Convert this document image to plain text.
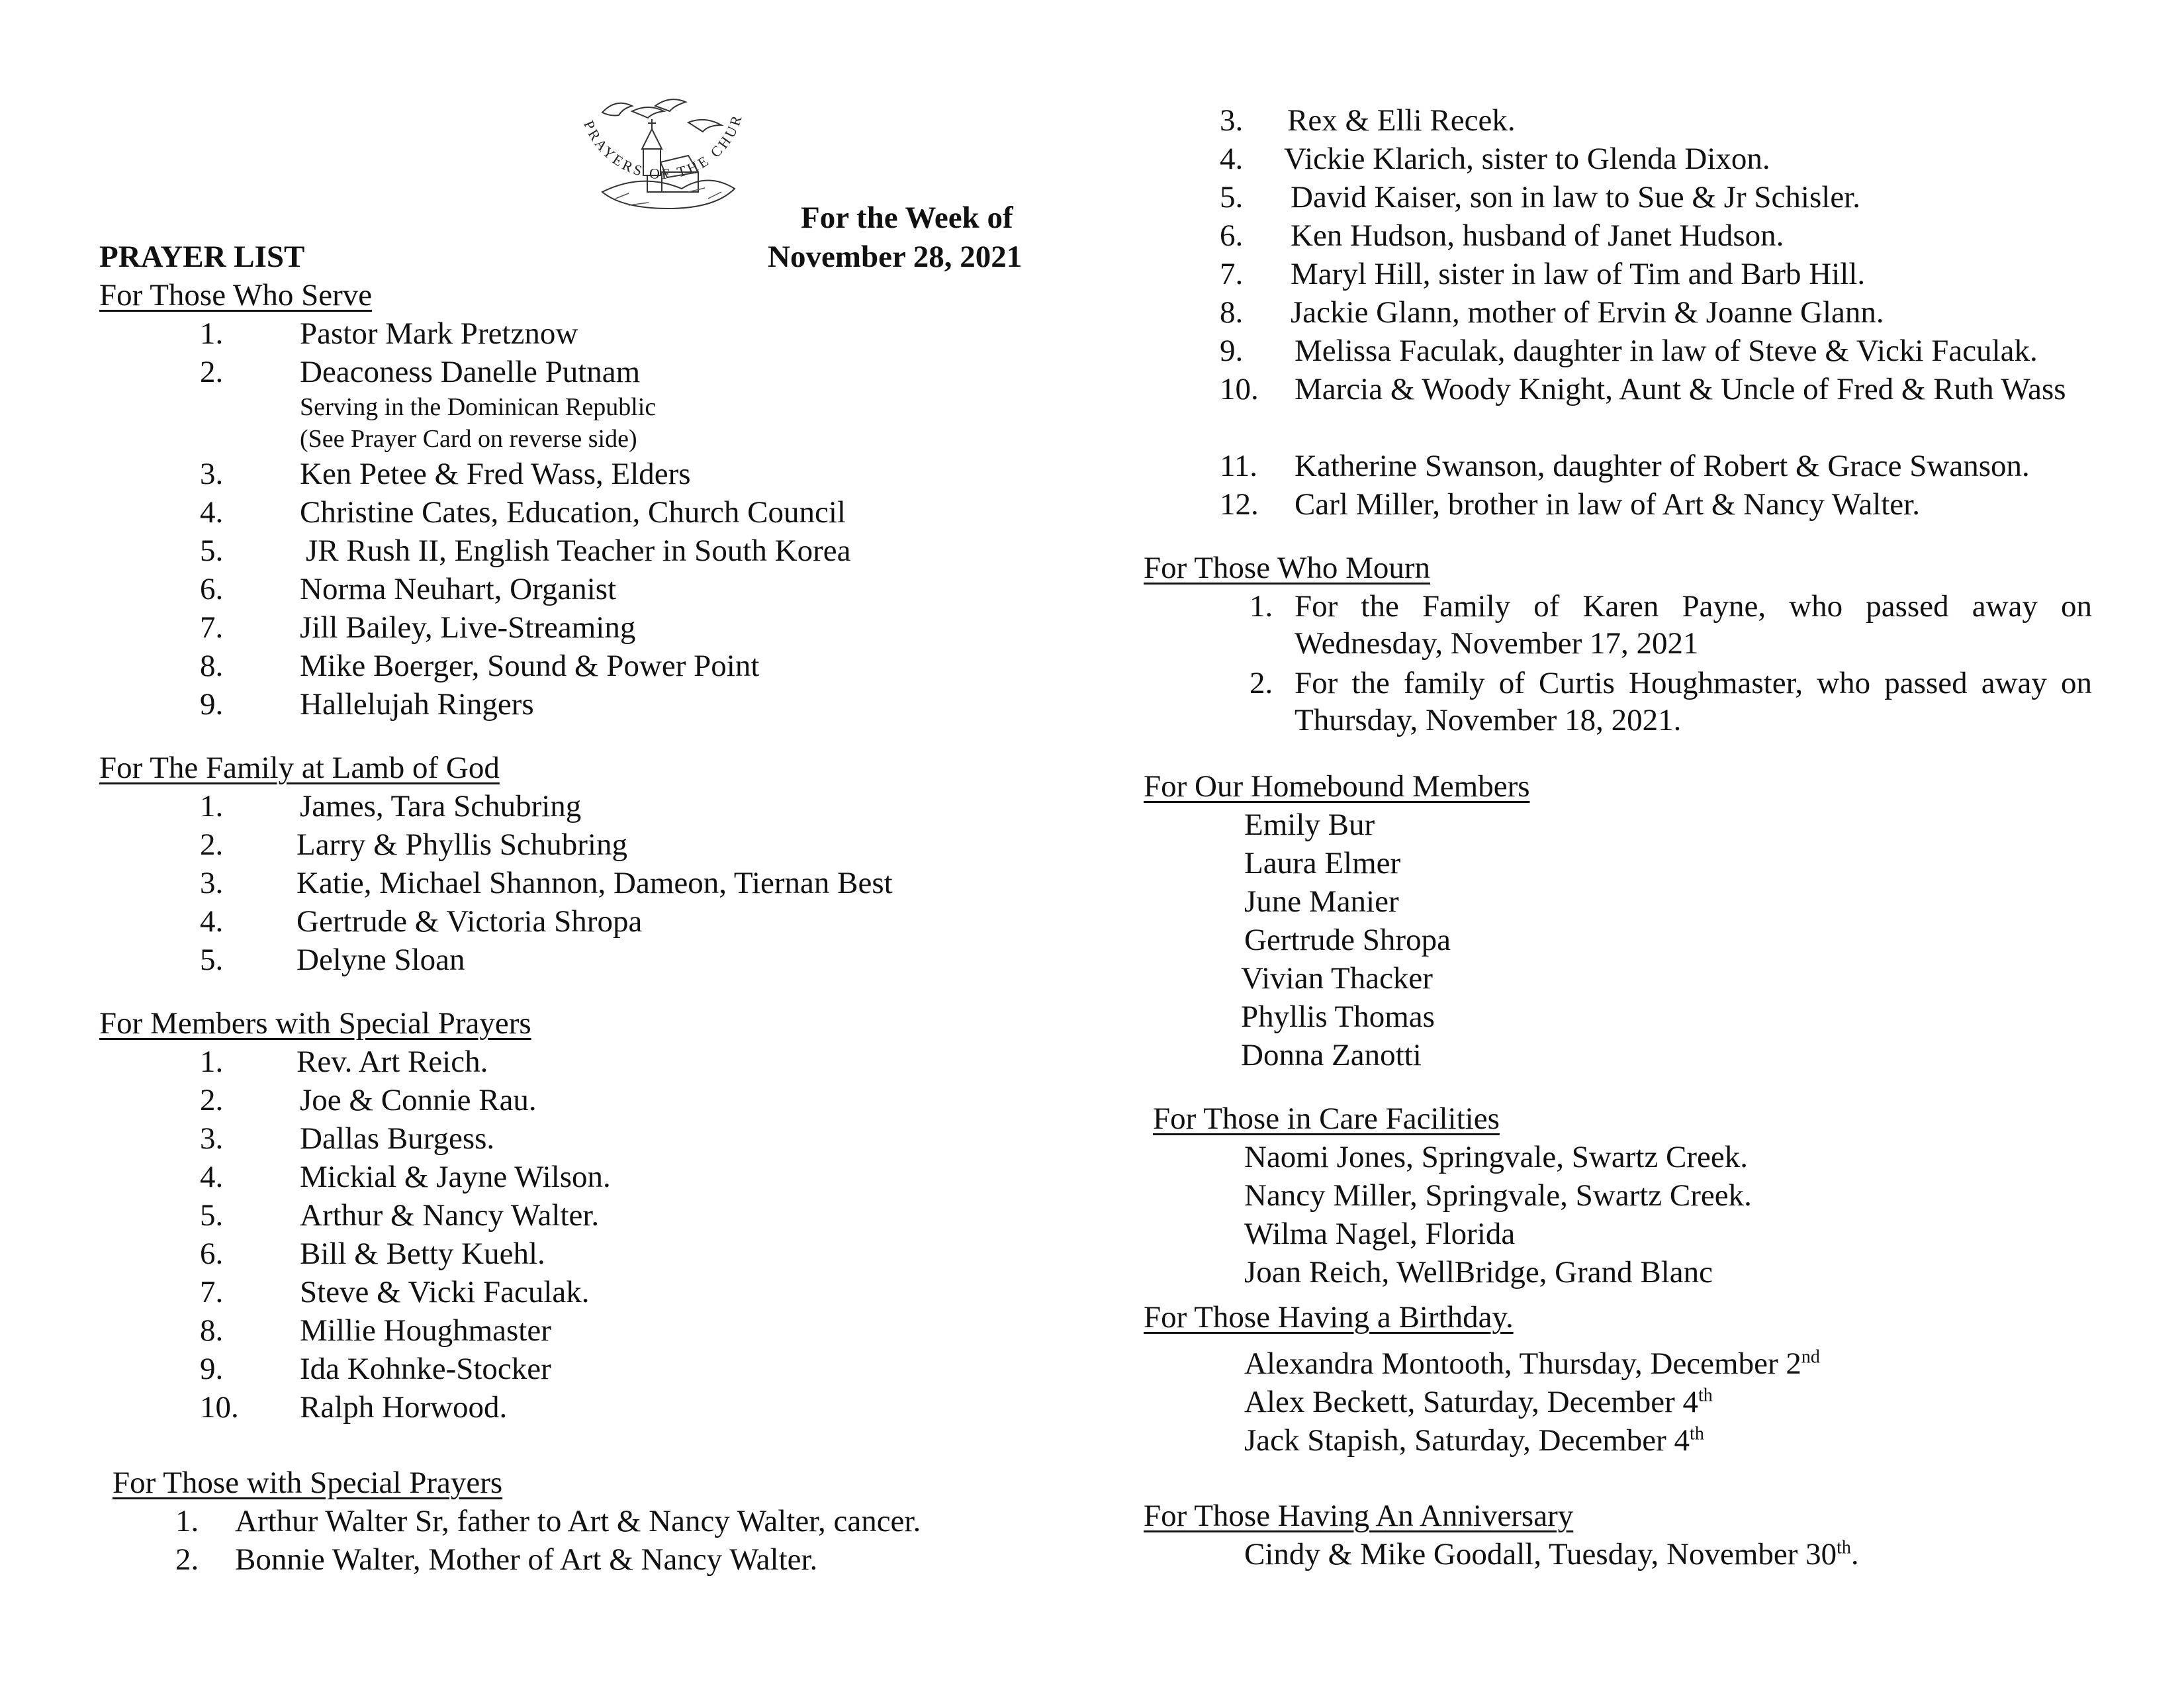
PRAYERS OF THE CHUR
For the Week of
PRAYER LIST	November 28, 2021
For Those Who Serve
1. Pastor Mark Pretznow
2. Deaconess Danelle Putnam
Serving in the Dominican Republic
(See Prayer Card on reverse side)
3. Ken Petee & Fred Wass, Elders
4. Christine Cates, Education, Church Council
5.	JR Rush II, English Teacher in South Korea
6. Norma Neuhart, Organist
7. Jill Bailey, Live-Streaming
8. Mike Boerger, Sound & Power Point
9. Hallelujah Ringers
For The Family at Lamb of God
1. James, Tara Schubring
2. Larry & Phyllis Schubring
3. Katie, Michael Shannon, Dameon, Tiernan Best
4. Gertrude & Victoria Shropa
5. Delyne Sloan
For Members with Special Prayers
1. Rev. Art Reich.
2. Joe & Connie Rau.
3. Dallas Burgess.
4. Mickial & Jayne Wilson.
5. Arthur & Nancy Walter.
6. Bill & Betty Kuehl.
7. Steve & Vicki Faculak.
8. Millie Houghmaster
9. Ida Kohnke-Stocker
10. Ralph Horwood.
For Those with Special Prayers
1. Arthur Walter Sr, father to Art & Nancy Walter, cancer.
2. Bonnie Walter, Mother of Art & Nancy Walter.
3. Rex & Elli Recek.
4. Vickie Klarich, sister to Glenda Dixon.
5. David Kaiser, son in law to Sue & Jr Schisler.
6. Ken Hudson, husband of Janet Hudson.
7. Maryl Hill, sister in law of Tim and Barb Hill.
8. Jackie Glann, mother of Ervin & Joanne Glann.
9. Melissa Faculak, daughter in law of Steve & Vicki Faculak.
10. Marcia & Woody Knight, Aunt & Uncle of Fred & Ruth Wass
11. Katherine Swanson, daughter of Robert & Grace Swanson.
12. Carl Miller, brother in law of Art & Nancy Walter.
For Those Who Mourn
1. For the Family of Karen Payne, who passed away on Wednesday, November 17, 2021
2. For the family of Curtis Houghmaster, who passed away on Thursday, November 18, 2021.
For Our Homebound Members
Emily Bur
Laura Elmer
June Manier
Gertrude Shropa
Vivian Thacker
Phyllis Thomas
Donna Zanotti
For Those in Care Facilities
Naomi Jones, Springvale, Swartz Creek.
Nancy Miller, Springvale, Swartz Creek.
Wilma Nagel, Florida
Joan Reich, WellBridge, Grand Blanc
For Those Having a Birthday.
Alexandra Montooth, Thursday, December 2nd
Alex Beckett, Saturday, December 4th
Jack Stapish, Saturday, December 4th
For Those Having An Anniversary
Cindy & Mike Goodall, Tuesday, November 30th.
